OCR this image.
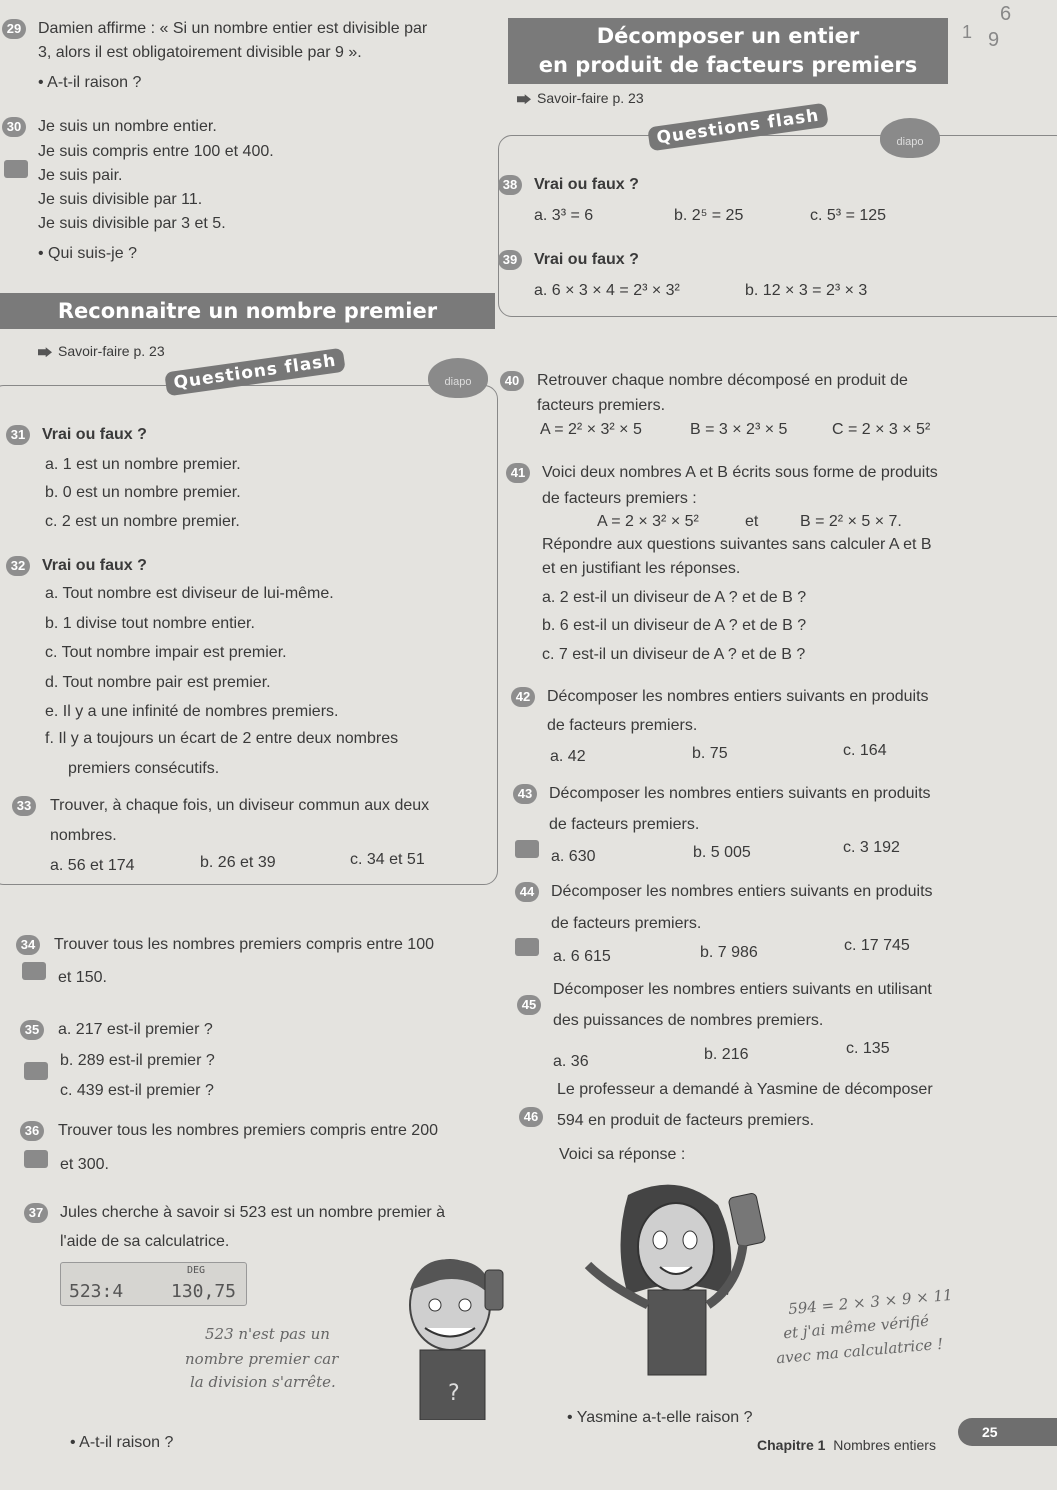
6
1 9
29 Damien affirme : « Si un nombre entier est divisible par
3, alors il est obligatoirement divisible par 9 ».
• A-t-il raison ?
30 Je suis un nombre entier.
Je suis compris entre 100 et 400.
Je suis pair.
Je suis divisible par 11.
Je suis divisible par 3 et 5.
• Qui suis-je ?
Reconnaitre un nombre premier
Savoir-faire p. 23 Questions flash	diapo
31 Vrai ou faux ?
a. 1 est un nombre premier.
b. 0 est un nombre premier.
c. 2 est un nombre premier.
32 Vrai ou faux ?
a. Tout nombre est diviseur de lui-même.
b. 1 divise tout nombre entier.
c. Tout nombre impair est premier.
d. Tout nombre pair est premier.
e. Il y a une infinité de nombres premiers.
f. Il y a toujours un écart de 2 entre deux nombres
premiers consécutifs.
33 Trouver, à chaque fois, un diviseur commun aux deux
nombres.
a. 56 et 174	b. 26 et 39	c. 34 et 51
34 Trouver tous les nombres premiers compris entre 100
et 150.
35 a. 217 est-il premier ?
b. 289 est-il premier ?
c. 439 est-il premier ?
36 Trouver tous les nombres premiers compris entre 200
et 300.
37 Jules cherche à savoir si 523 est un nombre premier à
l'aide de sa calculatrice.
DEG
523:4	130,75
523 n'est pas un
nombre premier car
la division s'arrête.	?
• A-t-il raison ?
Décomposer un entier
en produit de facteurs premiers
Savoir-faire p. 23
Questions flash	diapo
38 Vrai ou faux ?
a. 3³ = 6	b. 2⁵ = 25	c. 5³ = 125
39 Vrai ou faux ?
a. 6 × 3 × 4 = 2³ × 3²	b. 12 × 3 = 2³ × 3
40 Retrouver chaque nombre décomposé en produit de
facteurs premiers.
A = 2² × 3² × 5	B = 3 × 2³ × 5	C = 2 × 3 × 5²
41 Voici deux nombres A et B écrits sous forme de produits
de facteurs premiers :
A = 2 × 3² × 5²	et	B = 2² × 5 × 7.
Répondre aux questions suivantes sans calculer A et B
et en justifiant les réponses.
a. 2 est-il un diviseur de A ? et de B ?
b. 6 est-il un diviseur de A ? et de B ?
c. 7 est-il un diviseur de A ? et de B ?
42 Décomposer les nombres entiers suivants en produits
de facteurs premiers.
a. 42	b. 75	c. 164
43 Décomposer les nombres entiers suivants en produits
de facteurs premiers.
a. 630	b. 5 005	c. 3 192
44 Décomposer les nombres entiers suivants en produits
de facteurs premiers.
a. 6 615	b. 7 986	c. 17 745
45
Décomposer les nombres entiers suivants en utilisant
des puissances de nombres premiers.
a. 36	b. 216	c. 135
46
Le professeur a demandé à Yasmine de décomposer
594 en produit de facteurs premiers.
Voici sa réponse :
594 = 2 × 3 × 9 × 11
et j'ai même vérifié
avec ma calculatrice !
• Yasmine a-t-elle raison ?
Chapitre 1 Nombres entiers
25
